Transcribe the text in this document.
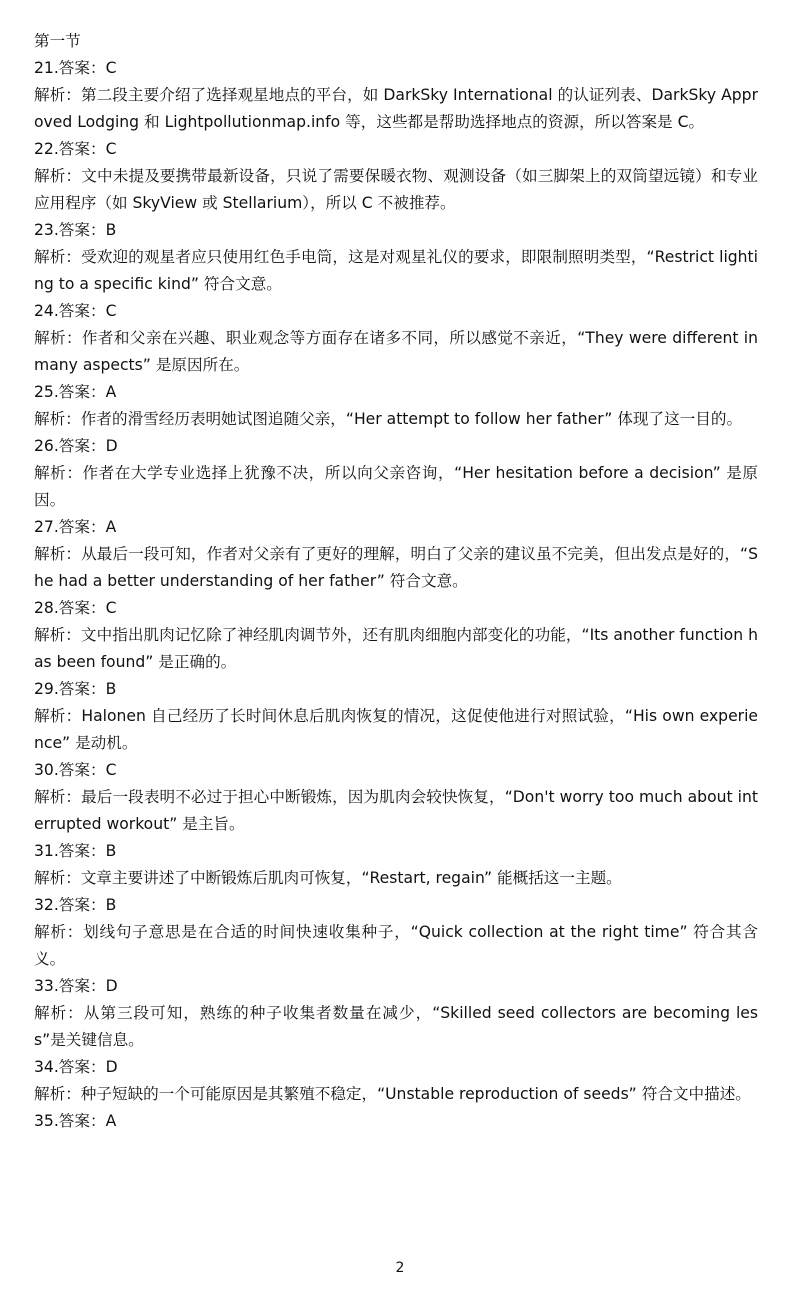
第一节

21.答案：C

解析：第二段主要介绍了选择观星地点的平台，如 DarkSky International 的认证列表、DarkSky Approved Lodging 和 Lightpollutionmap.info 等，这些都是帮助选择地点的资源，所以答案是 C。

22.答案：C

解析：文中未提及要携带最新设备，只说了需要保暖衣物、观测设备（如三脚架上的双筒望远镜）和专业应用程序（如 SkyView 或 Stellarium），所以 C 不被推荐。

23.答案：B

解析：受欢迎的观星者应只使用红色手电筒，这是对观星礼仪的要求，即限制照明类型，“Restrict lighting to a specific kind” 符合文意。

24.答案：C

解析：作者和父亲在兴趣、职业观念等方面存在诸多不同，所以感觉不亲近，“They were different in many aspects” 是原因所在。

25.答案：A

解析：作者的滑雪经历表明她试图追随父亲，“Her attempt to follow her father” 体现了这一目的。

26.答案：D

解析：作者在大学专业选择上犹豫不决，所以向父亲咨询，“Her hesitation before a decision” 是原因。

27.答案：A

解析：从最后一段可知，作者对父亲有了更好的理解，明白了父亲的建议虽不完美，但出发点是好的，“She had a better understanding of her father” 符合文意。

28.答案：C

解析：文中指出肌肉记忆除了神经肌肉调节外，还有肌肉细胞内部变化的功能，“Its another function has been found” 是正确的。

29.答案：B

解析：Halonen 自己经历了长时间休息后肌肉恢复的情况，这促使他进行对照试验，“His own experience” 是动机。

30.答案：C

解析：最后一段表明不必过于担心中断锻炼，因为肌肉会较快恢复，“Don't worry too much about interrupted workout” 是主旨。

31.答案：B

解析：文章主要讲述了中断锻炼后肌肉可恢复，“Restart, regain” 能概括这一主题。

32.答案：B

解析：划线句子意思是在合适的时间快速收集种子，“Quick collection at the right time” 符合其含义。

33.答案：D

解析：从第三段可知，熟练的种子收集者数量在减少，“Skilled seed collectors are becoming less”是关键信息。

34.答案：D

解析：种子短缺的一个可能原因是其繁殖不稳定，“Unstable reproduction of seeds” 符合文中描述。

35.答案：A

2
